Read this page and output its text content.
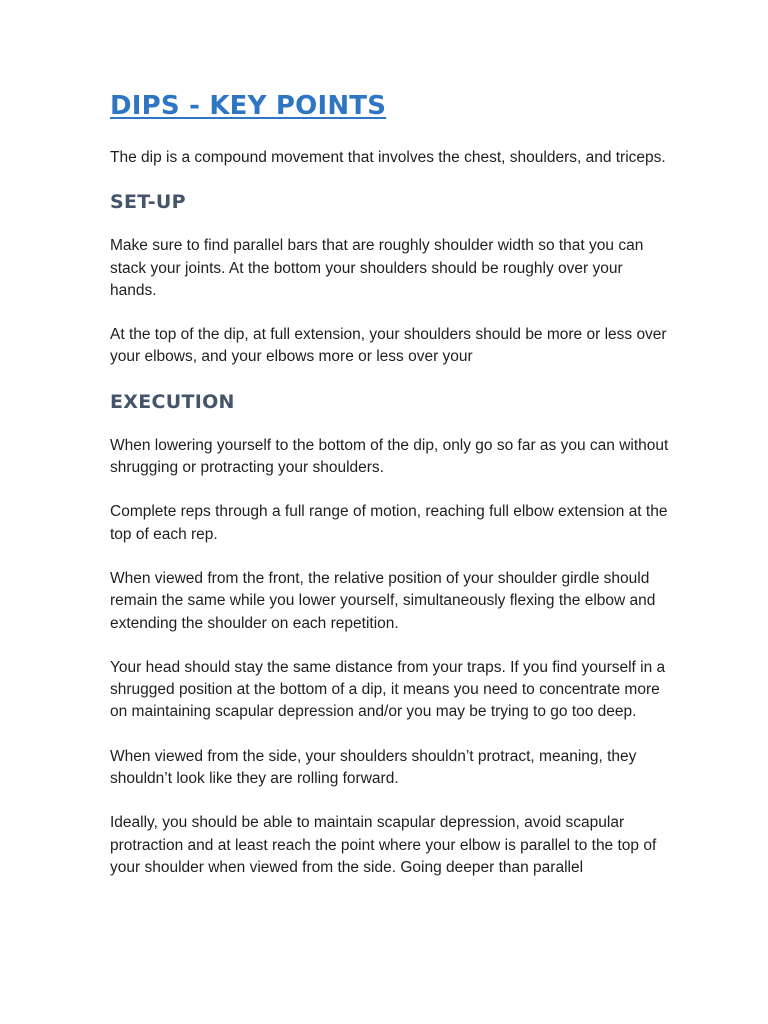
DIPS - KEY POINTS

The dip is a compound movement that involves the chest, shoulders, and triceps.

SET-UP

Make sure to find parallel bars that are roughly shoulder width so that you can stack your joints. At the bottom your shoulders should be roughly over your hands.

At the top of the dip, at full extension, your shoulders should be more or less over your elbows, and your elbows more or less over your

EXECUTION

When lowering yourself to the bottom of the dip, only go so far as you can without shrugging or protracting your shoulders.

Complete reps through a full range of motion, reaching full elbow extension at the top of each rep.

When viewed from the front, the relative position of your shoulder girdle should remain the same while you lower yourself, simultaneously flexing the elbow and extending the shoulder on each repetition.

Your head should stay the same distance from your traps. If you find yourself in a shrugged position at the bottom of a dip, it means you need to concentrate more on maintaining scapular depression and/or you may be trying to go too deep.

When viewed from the side, your shoulders shouldn’t protract, meaning, they shouldn’t look like they are rolling forward.

Ideally, you should be able to maintain scapular depression, avoid scapular protraction and at least reach the point where your elbow is parallel to the top of your shoulder when viewed from the side. Going deeper than parallel
